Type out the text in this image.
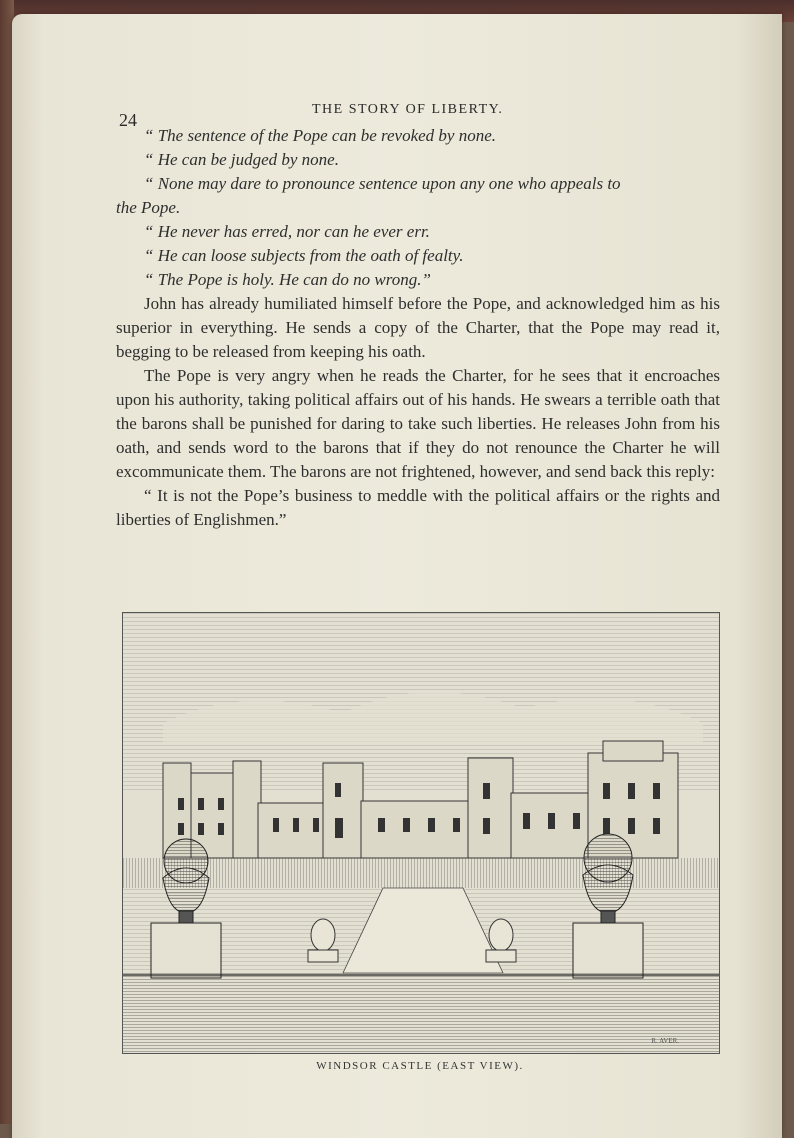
24
THE STORY OF LIBERTY.

“ The sentence of the Pope can be revoked by none.

“ He can be judged by none.

“ None may dare to pronounce sentence upon any one who appeals to

the Pope.

“ He never has erred, nor can he ever err.

“ He can loose subjects from the oath of fealty.

“ The Pope is holy. He can do no wrong.”

John has already humiliated himself before the Pope, and acknowledged him as his superior in everything. He sends a copy of the Charter, that the Pope may read it, begging to be released from keeping his oath.

The Pope is very angry when he reads the Charter, for he sees that it encroaches upon his authority, taking political affairs out of his hands. He swears a terrible oath that the barons shall be punished for daring to take such liberties. He releases John from his oath, and sends word to the barons that if they do not renounce the Charter he will excommunicate them. The barons are not frightened, however, and send back this reply:

“ It is not the Pope’s business to meddle with the political affairs or the rights and liberties of Englishmen.”

R. AVER.
WINDSOR CASTLE (EAST VIEW).
